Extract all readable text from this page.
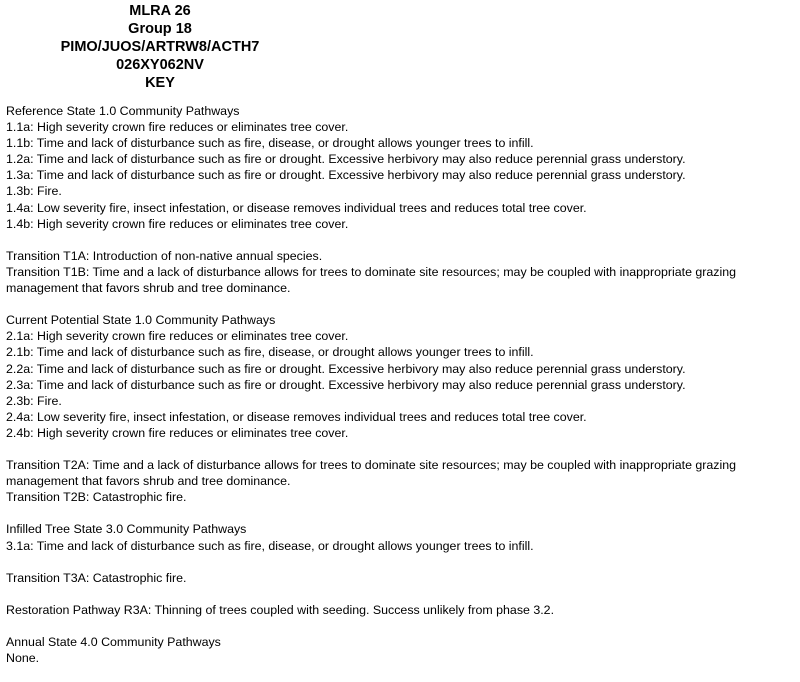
MLRA 26
Group 18
PIMO/JUOS/ARTRW8/ACTH7
026XY062NV
KEY
Reference State 1.0 Community Pathways
1.1a: High severity crown fire reduces or eliminates tree cover.
1.1b: Time and lack of disturbance such as fire, disease, or drought allows younger trees to infill.
1.2a: Time and lack of disturbance such as fire or drought. Excessive herbivory may also reduce perennial grass understory.
1.3a: Time and lack of disturbance such as fire or drought. Excessive herbivory may also reduce perennial grass understory.
1.3b: Fire.
1.4a: Low severity fire, insect infestation, or disease removes individual trees and reduces total tree cover.
1.4b: High severity crown fire reduces or eliminates tree cover.
Transition T1A: Introduction of non-native annual species.
Transition T1B: Time and a lack of disturbance allows for trees to dominate site resources; may be coupled with inappropriate grazing management that favors shrub and tree dominance.
Current Potential State 1.0 Community Pathways
2.1a: High severity crown fire reduces or eliminates tree cover.
2.1b: Time and lack of disturbance such as fire, disease, or drought allows younger trees to infill.
2.2a: Time and lack of disturbance such as fire or drought. Excessive herbivory may also reduce perennial grass understory.
2.3a: Time and lack of disturbance such as fire or drought. Excessive herbivory may also reduce perennial grass understory.
2.3b: Fire.
2.4a: Low severity fire, insect infestation, or disease removes individual trees and reduces total tree cover.
2.4b: High severity crown fire reduces or eliminates tree cover.
Transition T2A: Time and a lack of disturbance allows for trees to dominate site resources; may be coupled with inappropriate grazing management that favors shrub and tree dominance.
Transition T2B: Catastrophic fire.
Infilled Tree State 3.0 Community Pathways
3.1a: Time and lack of disturbance such as fire, disease, or drought allows younger trees to infill.
Transition T3A: Catastrophic fire.
Restoration Pathway R3A: Thinning of trees coupled with seeding. Success unlikely from phase 3.2.
Annual State 4.0 Community Pathways
None.
